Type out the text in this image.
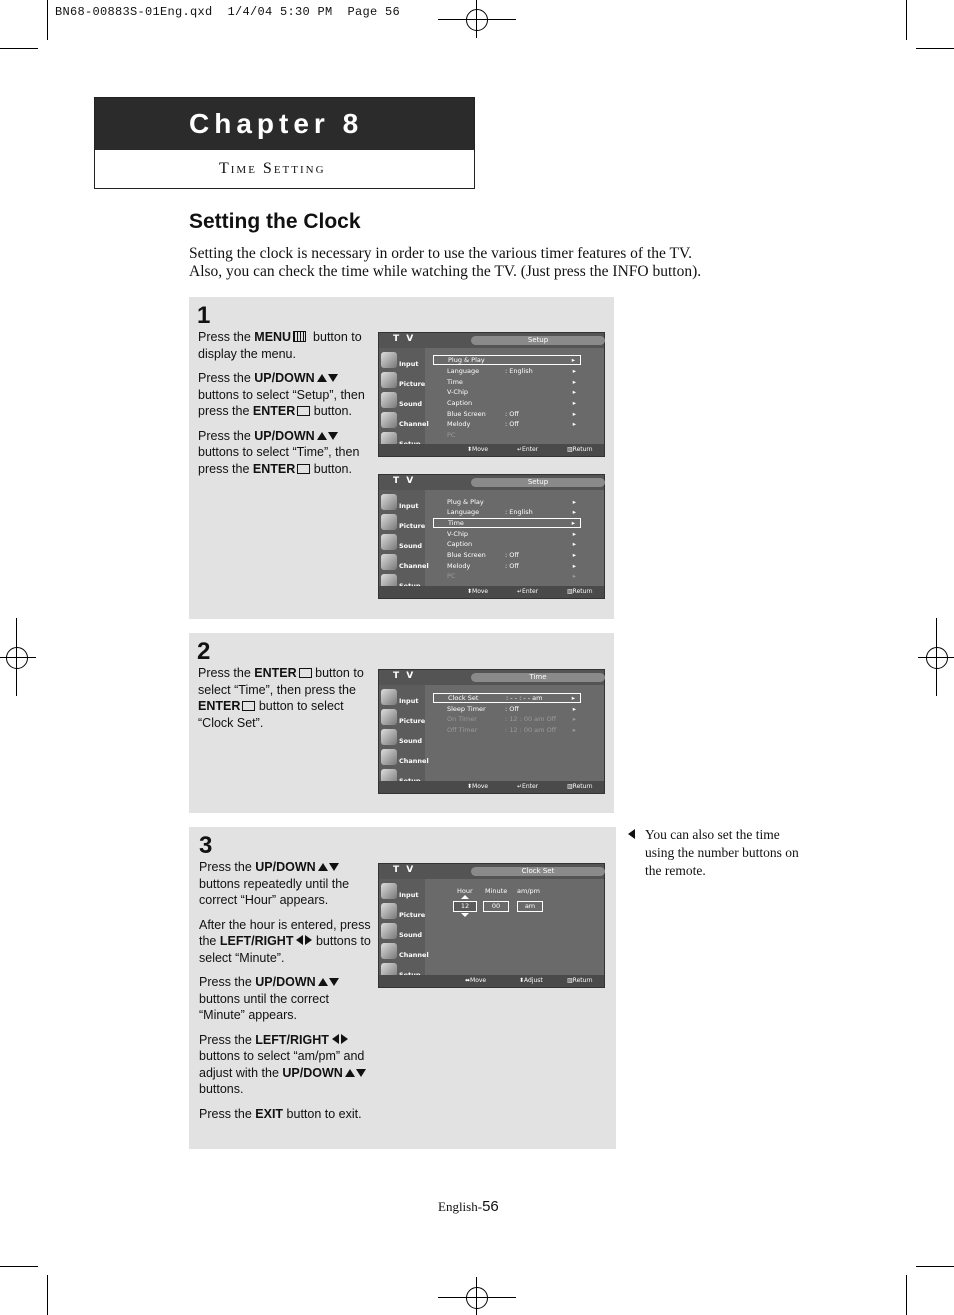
BN68-00883S-01Eng.qxd  1/4/04 5:30 PM  Page 56
Chapter 8
Time Setting
Setting the Clock
Setting the clock is necessary in order to use the various timer features of the TV.
Also, you can check the time while watching the TV. (Just press the INFO button).
1

Press the MENU  button to display the menu.

Press the UP/DOWN buttons to select “Setup”, then press the ENTER button.

Press the UP/DOWN buttons to select “Time”, then press the ENTER button.

T V	Setup
Input
Picture
Sound
Channel
Plug & Play	▸
Language	: English	▸
Time	▸
V-Chip	▸
Caption	▸
Blue Screen	: Off	▸
Melody	: Off	▸
PC
⬍ Move	↵ Enter	▥ Return
T V	Setup
Input
Picture
Sound
Channel
Plug & Play	▸
Language	: English	▸
Time	▸
V-Chip	▸
Caption	▸
Blue Screen	: Off	▸
Melody	: Off	▸
PC	▸
⬍ Move	↵ Enter	▥ Return
2

Press the ENTER button to select “Time”, then press the ENTER button to select “Clock Set”.

T V	Time
Input
Picture
Sound
Channel
Clock Set	: - - : - - am	▸
Sleep Timer	: Off	▸
On Timer	: 12 : 00 am Off	▸
Off Timer	: 12 : 00 am Off	▸
⬍ Move	↵ Enter	▥ Return
3

Press the UP/DOWN buttons repeatedly until the correct “Hour” appears.

After the hour is entered, press the LEFT/RIGHT buttons to select “Minute”.

Press the UP/DOWN buttons until the correct “Minute” appears.

Press the LEFT/RIGHT buttons to select “am/pm” and adjust with the UP/DOWN buttons.

Press the EXIT button to exit.

T V	Clock Set
Input
Picture
Sound
Channel
Hour Minute am/pm
12	00	am
⬌ Move	⬍ Adjust	▥ Return
You can also set the time using the number buttons on the remote.
English-56
